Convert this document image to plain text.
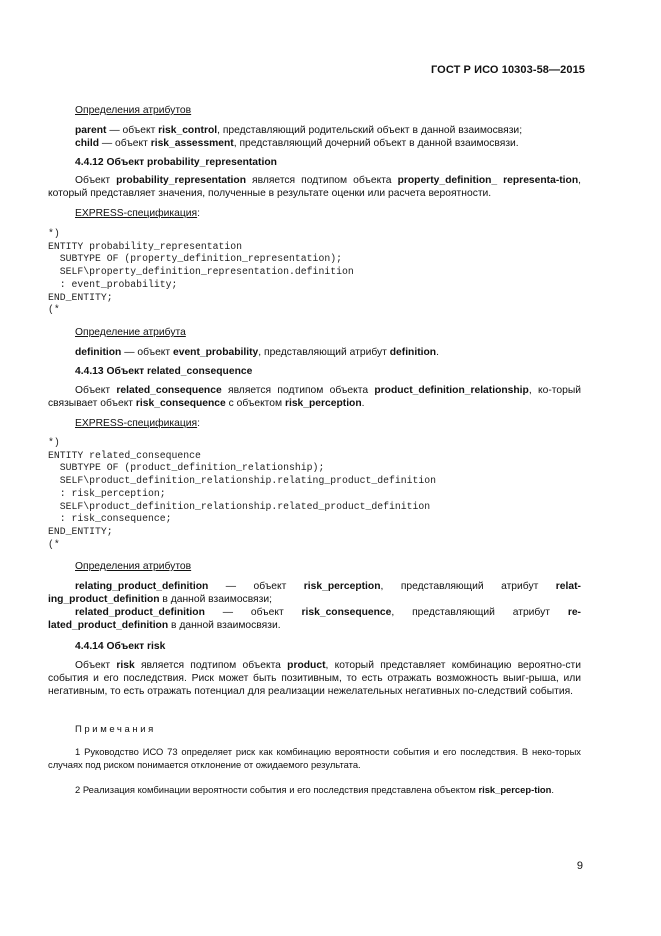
ГОСТ Р ИСО 10303-58—2015
Определения атрибутов
parent — объект risk_control, представляющий родительский объект в данной взаимосвязи;
child — объект risk_assessment, представляющий дочерний объект в данной взаимосвязи.
4.4.12 Объект probability_representation
Объект probability_representation является подтипом объекта property_definition_ representa-tion, который представляет значения, полученные в результате оценки или расчета вероятности.
EXPRESS-спецификация:
*)
ENTITY probability_representation
SUBTYPE OF (property_definition_representation);
SELF\property_definition_representation.definition
: event_probability;
END_ENTITY;
(*
Определение атрибута
definition — объект event_probability, представляющий атрибут definition.
4.4.13 Объект related_consequence
Объект related_consequence является подтипом объекта product_definition_relationship, ко-торый связывает объект risk_consequence с объектом risk_perception.
EXPRESS-спецификация:
*)
ENTITY related_consequence
SUBTYPE OF (product_definition_relationship);
SELF\product_definition_relationship.relating_product_definition
: risk_perception;
SELF\product_definition_relationship.related_product_definition
: risk_consequence;
END_ENTITY;
(*
Определения атрибутов
relating_product_definition — объект risk_perception, представляющий атрибут relat-ing_product_definition в данной взаимосвязи;
related_product_definition — объект risk_consequence, представляющий атрибут re-lated_product_definition в данной взаимосвязи.
4.4.14 Объект risk
Объект risk является подтипом объекта product, который представляет комбинацию вероятно-сти события и его последствия. Риск может быть позитивным, то есть отражать возможность выиг-рыша, или негативным, то есть отражать потенциал для реализации нежелательных негативных по-следствий события.
Примечания
1 Руководство ИСО 73 определяет риск как комбинацию вероятности события и его последствия. В неко-торых случаях под риском понимается отклонение от ожидаемого результата.
2 Реализация комбинации вероятности события и его последствия представлена объектом risk_percep-tion.
9
